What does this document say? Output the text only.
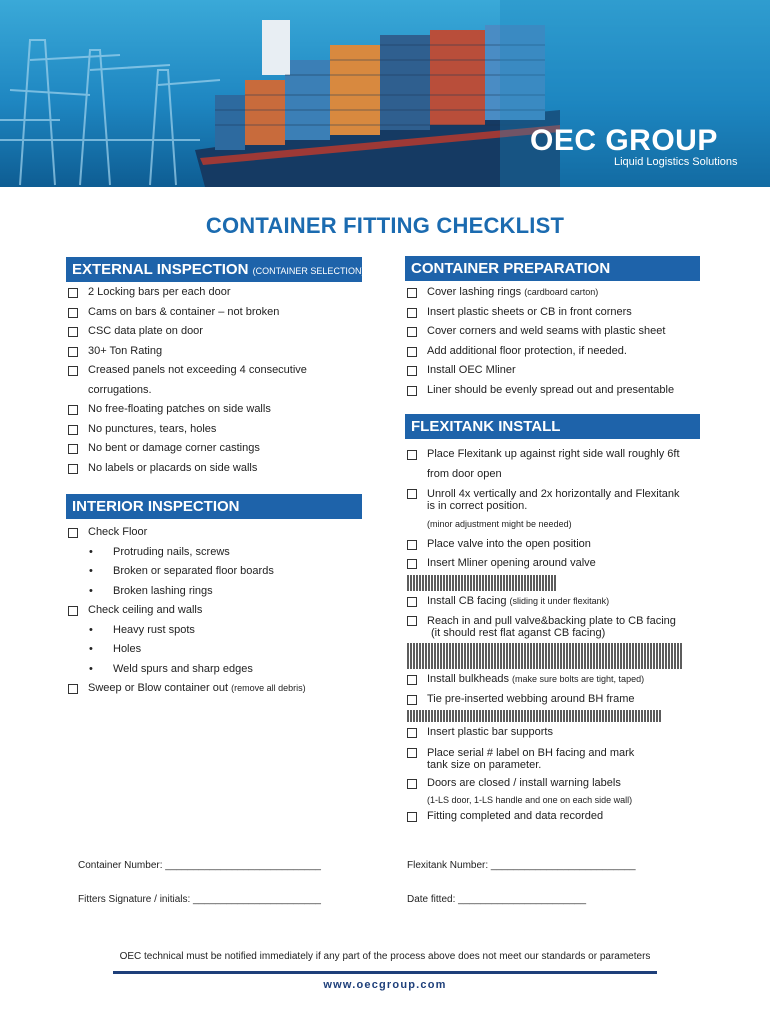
OEC GROUP
Liquid Logistics Solutions
CONTAINER FITTING CHECKLIST
EXTERNAL INSPECTION (CONTAINER SELECTION)
2 Locking bars per each door
Cams on bars & container – not broken
CSC data plate on door
30+ Ton Rating
Creased panels not exceeding 4 consecutive
corrugations.
No free-floating patches on side walls
No punctures, tears, holes
No bent or damage corner castings
No labels or placards on side walls
INTERIOR INSPECTION
Check Floor
• Protruding nails, screws
• Broken or separated floor boards
• Broken lashing rings
Check ceiling and walls
• Heavy rust spots
• Holes
• Weld spurs and sharp edges
Sweep or Blow container out (remove all debris)
CONTAINER PREPARATION
Cover lashing rings (cardboard carton)
Insert plastic sheets or CB in front corners
Cover corners and weld seams with plastic sheet
Add additional floor protection, if needed.
Install OEC Mliner
Liner should be evenly spread out and presentable
FLEXITANK INSTALL
Place Flexitank up against right side wall roughly 6ft
from door open
Unroll 4x vertically and 2x horizontally and Flexitank
is in correct position.
(minor adjustment might be needed)
Place valve into the open position
Insert Mliner opening around valve
Install CB facing (sliding it under flexitank)
Reach in and pull valve&backing plate to CB facing
(it should rest flat aganst CB facing)
Install bulkheads (make sure bolts are tight, taped)
Tie pre-inserted webbing around BH frame
Insert plastic bar supports
Place serial # label on BH facing and mark
tank size on parameter.
Doors are closed / install warning labels
(1-LS door, 1-LS handle and one on each side wall)
Fitting completed and data recorded
Container Number: ____________________________	Flexitank Number: __________________________
Fitters Signature / initials: _______________________	Date fitted: _______________________
OEC technical must be notified immediately if any part of the process above does not meet our standards or parameters
www.oecgroup.com
